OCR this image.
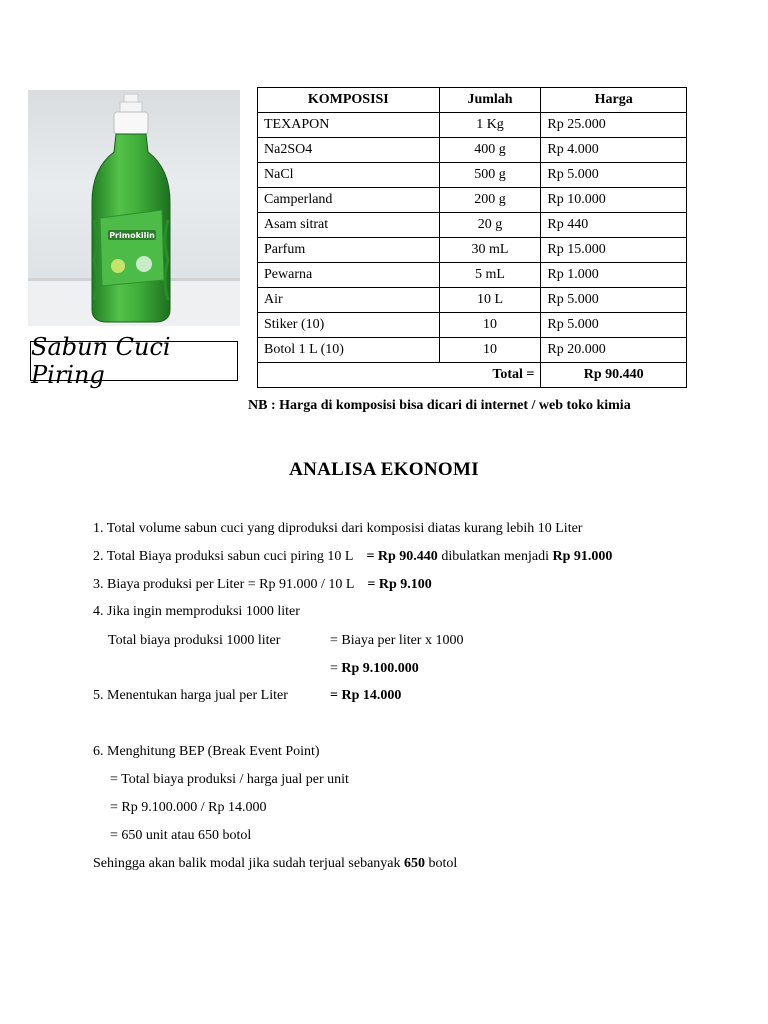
Primokilin
Sabun Cuci Piring
KOMPOSISI	Jumlah	Harga
TEXAPON	1 Kg	Rp 25.000
Na2SO4	400 g	Rp 4.000
NaCl	500 g	Rp 5.000
Camperland	200 g	Rp 10.000
Asam sitrat	20 g	Rp 440
Parfum	30 mL	Rp 15.000
Pewarna	5 mL	Rp 1.000
Air	10 L	Rp 5.000
Stiker (10)	10	Rp 5.000
Botol 1 L (10)	10	Rp 20.000
Total =		Rp 90.440
NB : Harga di komposisi bisa dicari di internet / web toko kimia
ANALISA EKONOMI
1. Total volume sabun cuci yang diproduksi dari komposisi diatas kurang lebih 10 Liter
2. Total Biaya produksi sabun cuci piring 10 L = Rp 90.440 dibulatkan menjadi Rp 91.000
3. Biaya produksi per Liter = Rp 91.000 / 10 L = Rp 9.100
4. Jika ingin memproduksi 1000 liter
Total biaya produksi 1000 liter	= Biaya per liter x 1000
= Rp 9.100.000
5. Menentukan harga jual per Liter	= Rp 14.000
6. Menghitung BEP (Break Event Point)
= Total biaya produksi / harga jual per unit
= Rp 9.100.000 / Rp 14.000
= 650 unit atau 650 botol
Sehingga akan balik modal jika sudah terjual sebanyak 650 botol
